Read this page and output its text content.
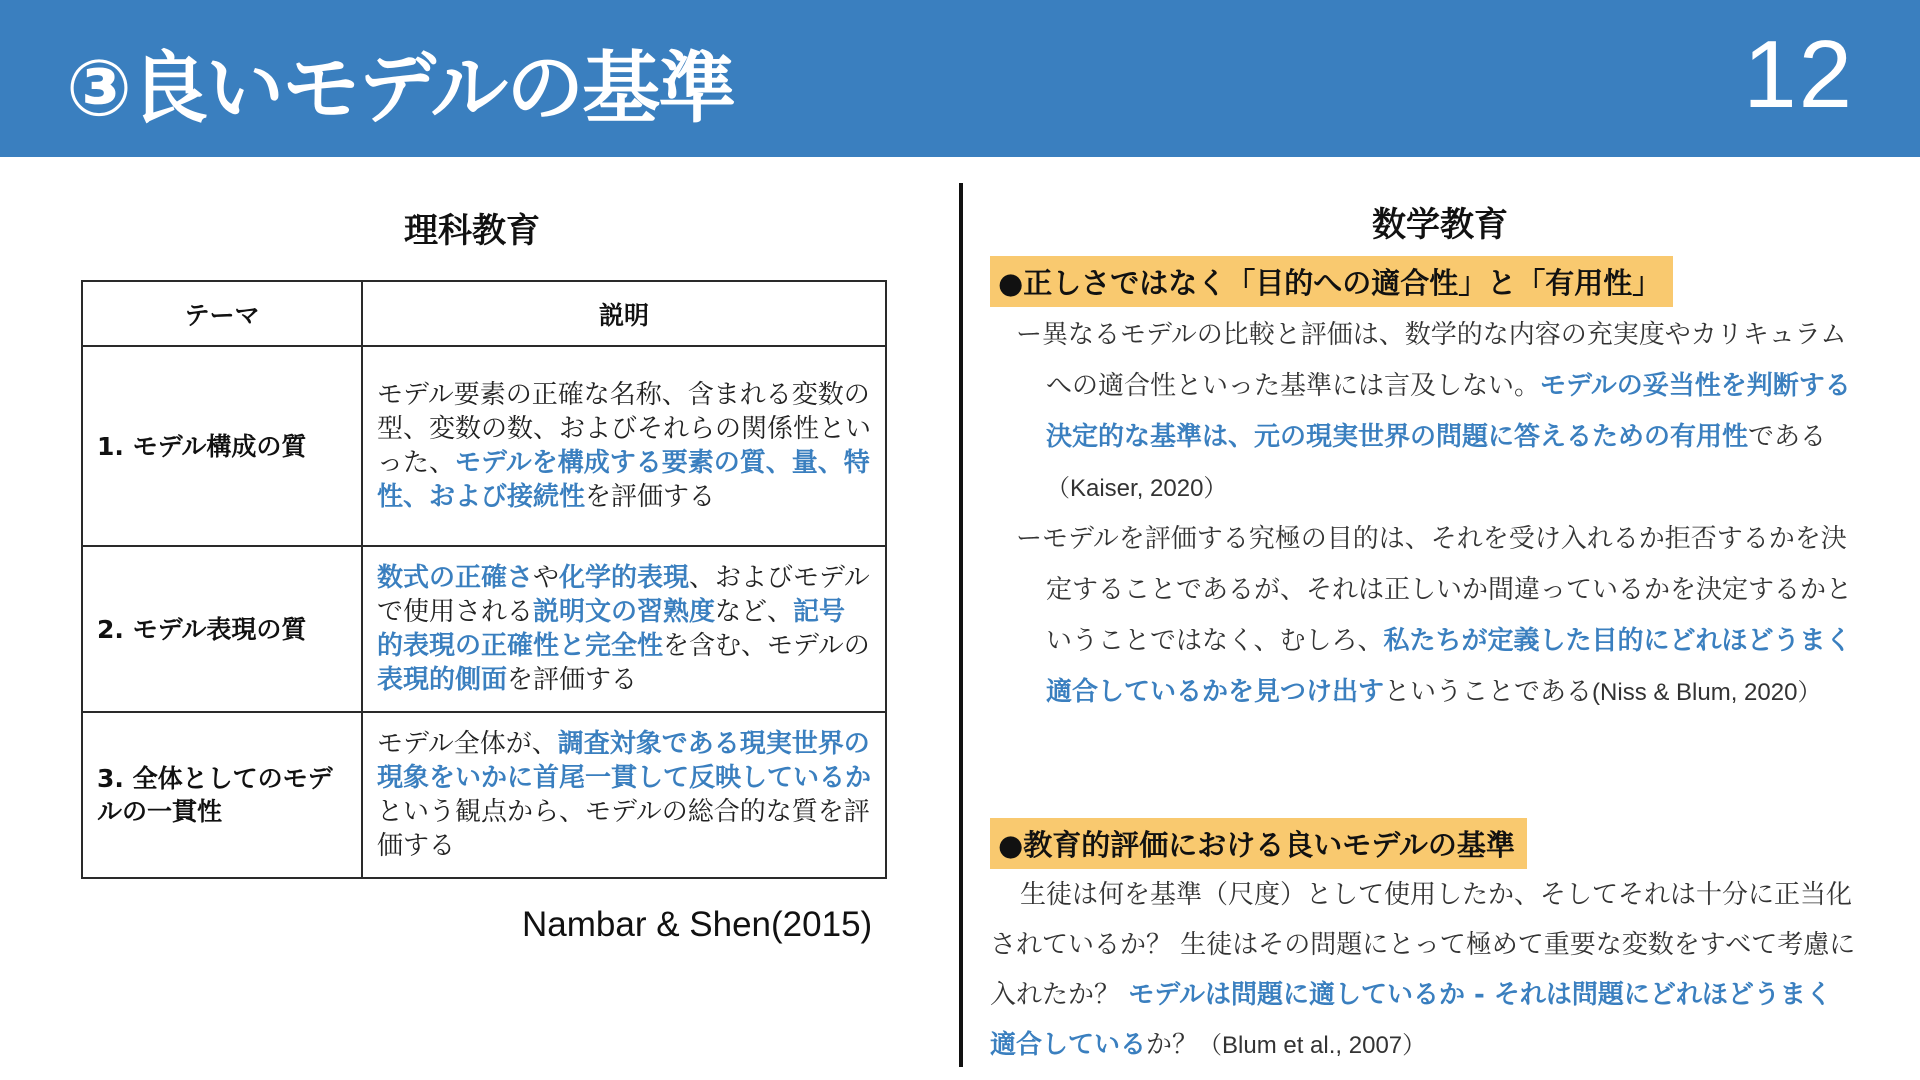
③良いモデルの基準	12
理科教育
テーマ	説明
1. モデル構成の質	モデル要素の正確な名称、含まれる変数の型、変数の数、およびそれらの関係性といった、モデルを構成する要素の質、量、特性、および接続性を評価する
2. モデル表現の質	数式の正確さや化学的表現、およびモデルで使用される説明文の習熟度など、記号的表現の正確性と完全性を含む、モデルの表現的側面を評価する
3. 全体としてのモデルの一貫性	モデル全体が、調査対象である現実世界の現象をいかに首尾一貫して反映しているかという観点から、モデルの総合的な質を評価する
Nambar & Shen(2015)
数学教育
●正しさではなく「目的への適合性」と「有用性」
ー異なるモデルの比較と評価は、数学的な内容の充実度やカリキュラムへの適合性といった基準には言及しない。モデルの妥当性を判断する決定的な基準は、元の現実世界の問題に答えるための有用性である（Kaiser, 2020）
ーモデルを評価する究極の目的は、それを受け入れるか拒否するかを決定することであるが、それは正しいか間違っているかを決定するかということではなく、むしろ、私たちが定義した目的にどれほどうまく適合しているかを見つけ出すということである(Niss & Blum, 2020）
●教育的評価における良いモデルの基準
生徒は何を基準（尺度）として使用したか、そしてそれは十分に正当化されているか？ 生徒はその問題にとって極めて重要な変数をすべて考慮に入れたか？ モデルは問題に適しているか - それは問題にどれほどうまく適合しているか？（Blum et al., 2007）
